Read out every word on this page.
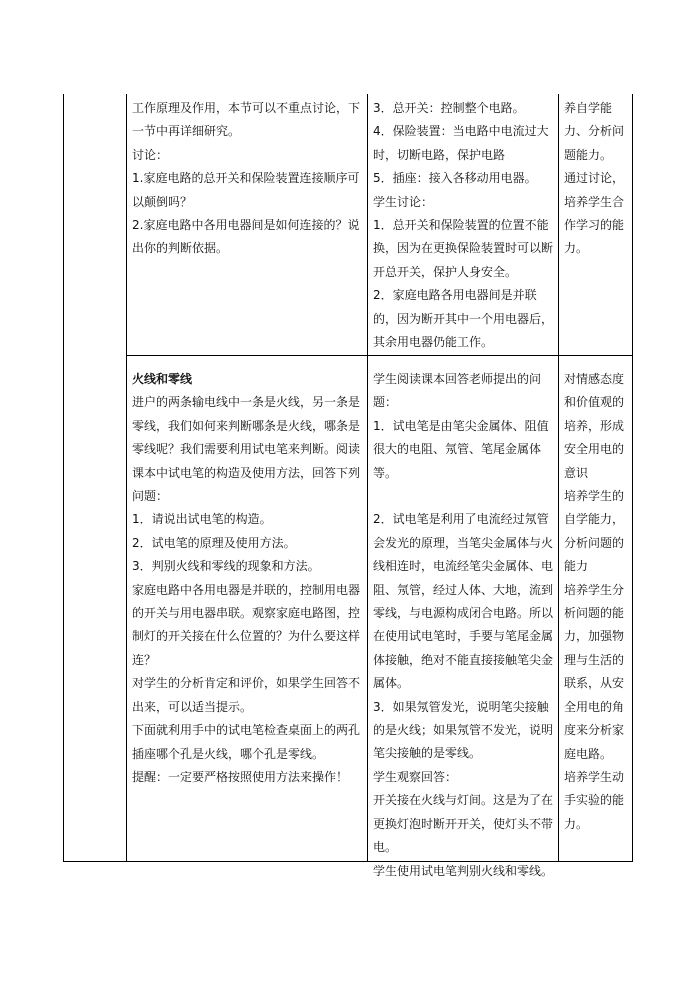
工作原理及作用，本节可以不重点讨论，下一节中再详细研究。

讨论：

1.家庭电路的总开关和保险装置连接顺序可以颠倒吗？

2.家庭电路中各用电器间是如何连接的？说出你的判断依据。

3．总开关：控制整个电路。

4．保险装置：当电路中电流过大时，切断电路，保护电路

5．插座：接入各移动用电器。

学生讨论：

1．总开关和保险装置的位置不能换，因为在更换保险装置时可以断开总开关，保护人身安全。

2．家庭电路各用电器间是并联的，因为断开其中一个用电器后，其余用电器仍能工作。

养自学能力、分析问题能力。

通过讨论，培养学生合作学习的能力。

火线和零线

进户的两条输电线中一条是火线，另一条是零线，我们如何来判断哪条是火线，哪条是零线呢？我们需要利用试电笔来判断。阅读课本中试电笔的构造及使用方法，回答下列问题：

1．请说出试电笔的构造。

2．试电笔的原理及使用方法。

3．判别火线和零线的现象和方法。

家庭电路中各用电器是并联的，控制用电器的开关与用电器串联。观察家庭电路图，控制灯的开关接在什么位置的？为什么要这样连？

对学生的分析肯定和评价，如果学生回答不出来，可以适当提示。

下面就利用手中的试电笔检查桌面上的两孔插座哪个孔是火线，哪个孔是零线。

提醒：一定要严格按照使用方法来操作！

学生阅读课本回答老师提出的问题：

1．试电笔是由笔尖金属体、阻值很大的电阻、氖管、笔尾金属体等。

2．试电笔是利用了电流经过氖管会发光的原理，当笔尖金属体与火线相连时，电流经笔尖金属体、电阻、氖管，经过人体、大地，流到零线，与电源构成闭合电路。所以在使用试电笔时，手要与笔尾金属体接触，绝对不能直接接触笔尖金属体。

3．如果氖管发光，说明笔尖接触的是火线；如果氖管不发光，说明笔尖接触的是零线。

学生观察回答：

开关接在火线与灯间。这是为了在更换灯泡时断开开关，使灯头不带电。

学生使用试电笔判别火线和零线。

对情感态度和价值观的培养，形成安全用电的意识

培养学生的自学能力，分析问题的能力

培养学生分析问题的能力，加强物理与生活的联系，从安全用电的角度来分析家庭电路。

培养学生动手实验的能力。
